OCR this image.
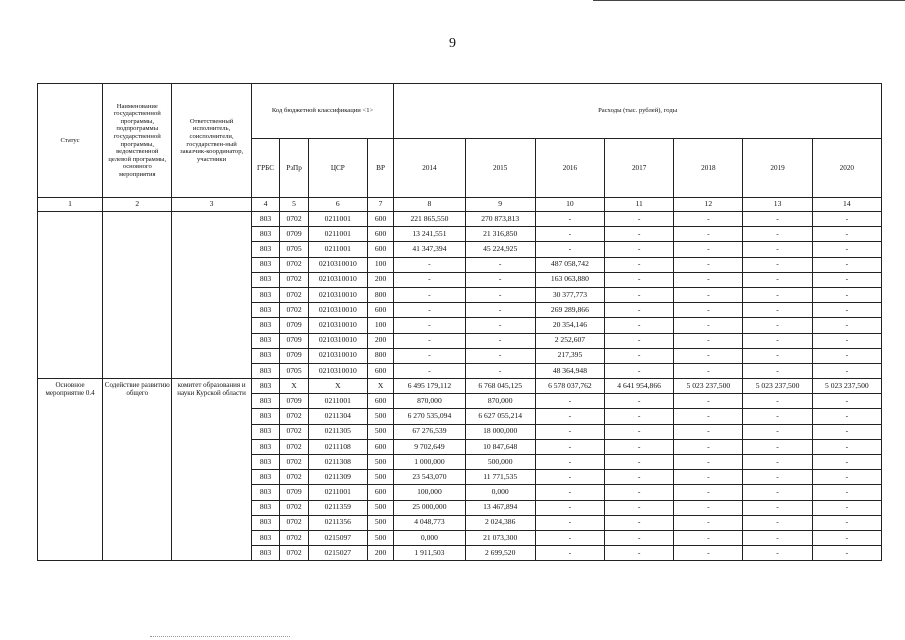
9
Статус	Наименование государственной программы, подпрограммы государственной программы, ведомственной целевой программы, основного мероприятия	Ответственный исполнитель, соисполнители, государствен-ный заказчик-координатор, участники	Код бюджетной классификации <1>				Расходы (тыс. рублей), годы						
			ГРБС	РзПр	ЦСР	ВР	2014	2015	2016	2017	2018	2019	2020
1	2	3	4	5	6	7	8	9	10	11	12	13	14
			803	0702	0211001	600	221 865,550	270 873,813	-	-	-	-	-
			803	0709	0211001	600	13 241,551	21 316,850	-	-	-	-	-
			803	0705	0211001	600	41 347,394	45 224,925	-	-	-	-	-
			803	0702	0210310010	100	-	-	487 058,742	-	-	-	-
			803	0702	0210310010	200	-	-	163 063,880	-	-	-	-
			803	0702	0210310010	800	-	-	30 377,773	-	-	-	-
			803	0702	0210310010	600	-	-	269 289,866	-	-	-	-
			803	0709	0210310010	100	-	-	20 354,146	-	-	-	-
			803	0709	0210310010	200	-	-	2 252,607	-	-	-	-
			803	0709	0210310010	800	-	-	217,395	-	-	-	-
			803	0705	0210310010	600	-	-	48 364,948	-	-	-	-
Основное мероприятие 0.4	Содействие развитию общего	комитет образования и науки Курской области	803	Х	Х	Х	6 495 179,112	6 768 045,125	6 578 037,762	4 641 954,866	5 023 237,500	5 023 237,500	5 023 237,500
			803	0709	0211001	600	870,000	870,000	-	-	-	-	-
			803	0702	0211304	500	6 270 535,094	6 627 055,214	-	-	-	-	-
			803	0702	0211305	500	67 276,539	18 000,000	-	-	-	-	-
			803	0702	0211108	600	9 702,649	10 847,648	-	-	-	-	-
			803	0702	0211308	500	1 000,000	500,000	-	-	-	-	-
			803	0702	0211309	500	23 543,070	11 771,535	-	-	-	-	-
			803	0709	0211001	600	100,000	0,000	-	-	-	-	-
			803	0702	0211359	500	25 000,000	13 467,894	-	-	-	-	-
			803	0702	0211356	500	4 048,773	2 024,386	-	-	-	-	-
			803	0702	0215097	500	0,000	21 073,300	-	-	-	-	-
			803	0702	0215027	200	1 911,503	2 699,520	-	-	-	-	-
